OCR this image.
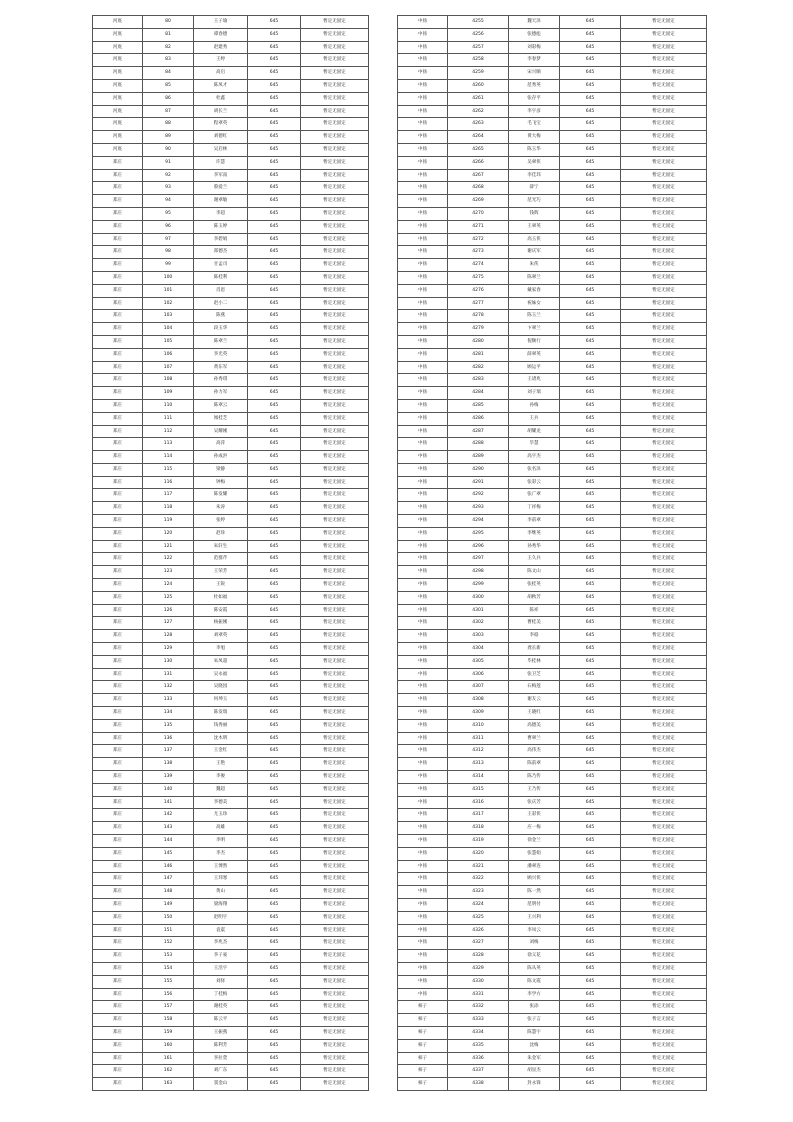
河底	80	王子瑜	645	暂定无固定
河底	81	谭春德	645	暂定无固定
河底	82	赵建秀	645	暂定无固定
河底	83	王婷	645	暂定无固定
河底	84	高启	645	暂定无固定
河底	85	陈凤才	645	暂定无固定
河底	86	杜鑫	645	暂定无固定
河底	87	胡长兰	645	暂定无固定
河底	88	程翠英	645	暂定无固定
河底	89	刘德红	645	暂定无固定
河底	90	吴启林	645	暂定无固定
郑庄	91	许慧	645	暂定无固定
郑庄	92	李军南	645	暂定无固定
郑庄	93	蔡爱兰	645	暂定无固定
郑庄	94	谢翠敏	645	暂定无固定
郑庄	95	李超	645	暂定无固定
郑庄	96	陈玉婷	645	暂定无固定
郑庄	97	李碧娟	645	暂定无固定
郑庄	98	郑德杰	645	暂定无固定
郑庄	99	甘孟司	645	暂定无固定
郑庄	100	陈桂利	645	暂定无固定
郑庄	101	肖恩	645	暂定无固定
郑庄	102	赵小二	645	暂定无固定
郑庄	103	陈燕	645	暂定无固定
郑庄	104	段玉华	645	暂定无固定
郑庄	105	陈翠兰	645	暂定无固定
郑庄	106	李光英	645	暂定无固定
郑庄	107	黄东军	645	暂定无固定
郑庄	108	孙秀琪	645	暂定无固定
郑庄	109	孙力军	645	暂定无固定
郑庄	110	陈翠云	645	暂定无固定
郑庄	111	闻桂芝	645	暂定无固定
郑庄	112	吴耀刚	645	暂定无固定
郑庄	113	高萍	645	暂定无固定
郑庄	114	孙成洪	645	暂定无固定
郑庄	115	梁静	645	暂定无固定
郑庄	116	钟梅	645	暂定无固定
郑庄	117	陈发耀	645	暂定无固定
郑庄	118	朱涛	645	暂定无固定
郑庄	119	张婷	645	暂定无固定
郑庄	120	赵珍	645	暂定无固定
郑庄	121	朱轩生	645	暂定无固定
郑庄	122	范群芹	645	暂定无固定
郑庄	123	王荣芳	645	暂定无固定
郑庄	124	王锐	645	暂定无固定
郑庄	125	杜如福	645	暂定无固定
郑庄	126	陈安霞	645	暂定无固定
郑庄	127	杨振刚	645	暂定无固定
郑庄	128	刘翠英	645	暂定无固定
郑庄	129	李旭	645	暂定无固定
郑庄	130	朱凤超	645	暂定无固定
郑庄	131	吴永福	645	暂定无固定
郑庄	132	吴晓园	645	暂定无固定
郑庄	133	何坤玉	645	暂定无固定
郑庄	134	陈发瑞	645	暂定无固定
郑庄	135	钱秀丽	645	暂定无固定
郑庄	136	沈木明	645	暂定无固定
郑庄	137	王金红	645	暂定无固定
郑庄	138	王艳	645	暂定无固定
郑庄	139	李俊	645	暂定无固定
郑庄	140	魏超	645	暂定无固定
郑庄	141	李德美	645	暂定无固定
郑庄	142	尤玉珍	645	暂定无固定
郑庄	143	高雄	645	暂定无固定
郑庄	144	李明	645	暂定无固定
郑庄	145	李杰	645	暂定无固定
郑庄	146	王博然	645	暂定无固定
郑庄	147	王玮寒	645	暂定无固定
郑庄	148	黄山	645	暂定无固定
郑庄	149	梁海翔	645	暂定无固定
郑庄	150	赵明宇	645	暂定无固定
郑庄	151	袁震	645	暂定无固定
郑庄	152	李兆杰	645	暂定无固定
郑庄	153	李子豪	645	暂定无固定
郑庄	154	王浩宇	645	暂定无固定
郑庄	155	刘驿	645	暂定无固定
郑庄	156	丁桂梅	645	暂定无固定
郑庄	157	谢桂英	645	暂定无固定
郑庄	158	陈云平	645	暂定无固定
郑庄	159	王振燕	645	暂定无固定
郑庄	160	陈利芳	645	暂定无固定
郑庄	161	李拉萱	645	暂定无固定
郑庄	162	刘广东	645	暂定无固定
郑庄	163	窦金山	645	暂定无固定
中扬	4255	魏天泽	645	暂定无固定
中扬	4256	张德彪	645	暂定无固定
中扬	4257	刘彩梅	645	暂定无固定
中扬	4258	李春梦	645	暂定无固定
中扬	4259	宋兴顺	645	暂定无固定
中扬	4260	范秀英	645	暂定无固定
中扬	4261	张存平	645	暂定无固定
中扬	4262	李宇彦	645	暂定无固定
中扬	4263	毛飞宝	645	暂定无固定
中扬	4264	黄大梅	645	暂定无固定
中扬	4265	陈玉华	645	暂定无固定
中扬	4266	吴翠侠	645	暂定无固定
中扬	4267	李佳玮	645	暂定无固定
中扬	4268	薛宁	645	暂定无固定
中扬	4269	范光巧	645	暂定无固定
中扬	4270	钱辉	645	暂定无固定
中扬	4271	王翠英	645	暂定无固定
中扬	4272	高玉侠	645	暂定无固定
中扬	4273	谢庆军	645	暂定无固定
中扬	4274	朱侠	645	暂定无固定
中扬	4275	陈翠兰	645	暂定无固定
中扬	4276	戴家春	645	暂定无固定
中扬	4277	祝妹女	645	暂定无固定
中扬	4278	陈玉兰	645	暂定无固定
中扬	4279	卞翠兰	645	暂定无固定
中扬	4280	倪顺行	645	暂定无固定
中扬	4281	薛翠英	645	暂定无固定
中扬	4282	顾运平	645	暂定无固定
中扬	4283	王诸兆	645	暂定无固定
中扬	4284	刘子瑞	645	暂定无固定
中扬	4285	孙梅	645	暂定无固定
中扬	4286	王兵	645	暂定无固定
中扬	4287	胡耀龙	645	暂定无固定
中扬	4288	毕慧	645	暂定无固定
中扬	4289	高宇杰	645	暂定无固定
中扬	4290	张名泽	645	暂定无固定
中扬	4291	张彩云	645	暂定无固定
中扬	4292	张广翠	645	暂定无固定
中扬	4293	丁祥梅	645	暂定无固定
中扬	4294	李前翠	645	暂定无固定
中扬	4295	李继英	645	暂定无固定
中扬	4296	孙秀华	645	暂定无固定
中扬	4297	王久兵	645	暂定无固定
中扬	4298	陈文山	645	暂定无固定
中扬	4299	张桂英	645	暂定无固定
中扬	4300	胡秋芳	645	暂定无固定
中扬	4301	陈祥	645	暂定无固定
中扬	4302	曹桂美	645	暂定无固定
中扬	4303	李稳	645	暂定无固定
中扬	4304	龚长新	645	暂定无固定
中扬	4305	毕桂林	645	暂定无固定
中扬	4306	张卫芝	645	暂定无固定
中扬	4307	石梅莲	645	暂定无固定
中扬	4308	谢友云	645	暂定无固定
中扬	4309	王晓红	645	暂定无固定
中扬	4310	高德美	645	暂定无固定
中扬	4311	曹翠兰	645	暂定无固定
中扬	4312	高伟杰	645	暂定无固定
中扬	4313	陈前翠	645	暂定无固定
中扬	4314	陈乃传	645	暂定无固定
中扬	4315	王乃传	645	暂定无固定
中扬	4316	张庆芳	645	暂定无固定
中扬	4317	王彩侠	645	暂定无固定
中扬	4318	应一梅	645	暂定无固定
中扬	4319	徐金兰	645	暂定无固定
中扬	4320	张慧娟	645	暂定无固定
中扬	4321	潘翠连	645	暂定无固定
中扬	4322	顾兴侠	645	暂定无固定
中扬	4323	陈一然	645	暂定无固定
中扬	4324	范明付	645	暂定无固定
中扬	4325	王兴利	645	暂定无固定
中扬	4326	李凤云	645	暂定无固定
中扬	4327	刘梅	645	暂定无固定
中扬	4328	徐义花	645	暂定无固定
中扬	4329	陈从英	645	暂定无固定
中扬	4330	陈文霞	645	暂定无固定
中扬	4331	李学方	645	暂定无固定
柿子	4332	张添	645	暂定无固定
柿子	4333	张子言	645	暂定无固定
柿子	4334	陈慧宇	645	暂定无固定
柿子	4335	沈梅	645	暂定无固定
柿子	4336	朱金军	645	暂定无固定
柿子	4337	胡显杰	645	暂定无固定
柿子	4338	封永锋	645	暂定无固定
